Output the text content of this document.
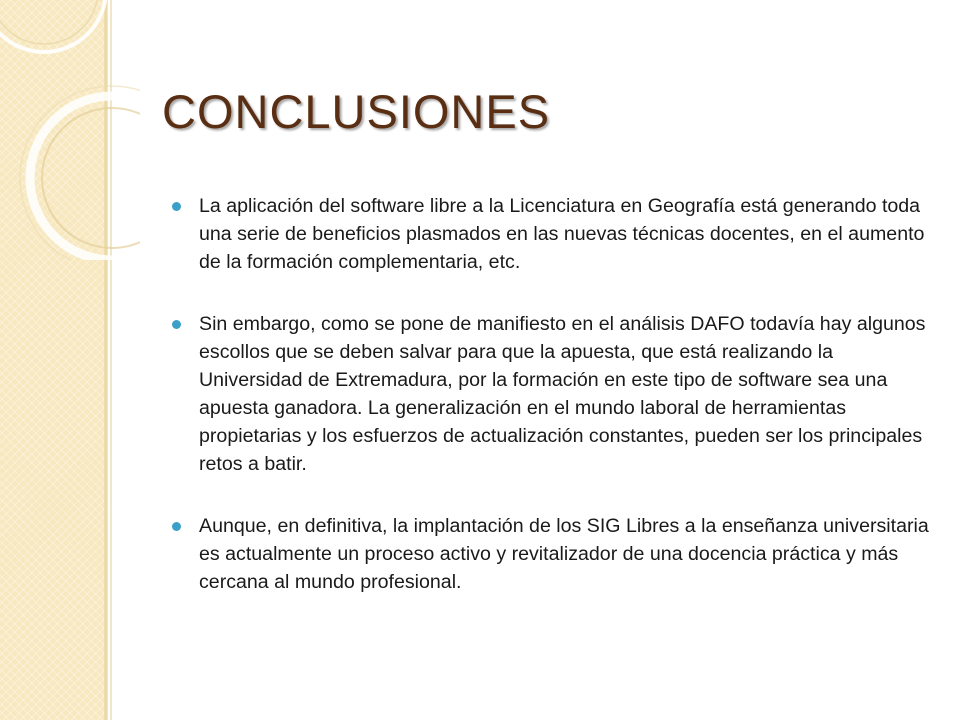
CONCLUSIONES
La aplicación del software libre a la Licenciatura en Geografía está generando toda una serie de beneficios plasmados en las nuevas técnicas docentes, en el aumento de la formación complementaria, etc.
Sin embargo, como se pone de manifiesto en el análisis DAFO todavía hay algunos escollos que se deben salvar para que la apuesta, que está realizando la Universidad de Extremadura, por la formación en este tipo de software sea una apuesta ganadora. La generalización en el mundo laboral de herramientas propietarias y los esfuerzos de actualización constantes, pueden ser los principales retos a batir.
Aunque, en definitiva, la implantación de los SIG Libres a la enseñanza universitaria es actualmente un proceso activo y revitalizador de una docencia práctica y más cercana al mundo profesional.
